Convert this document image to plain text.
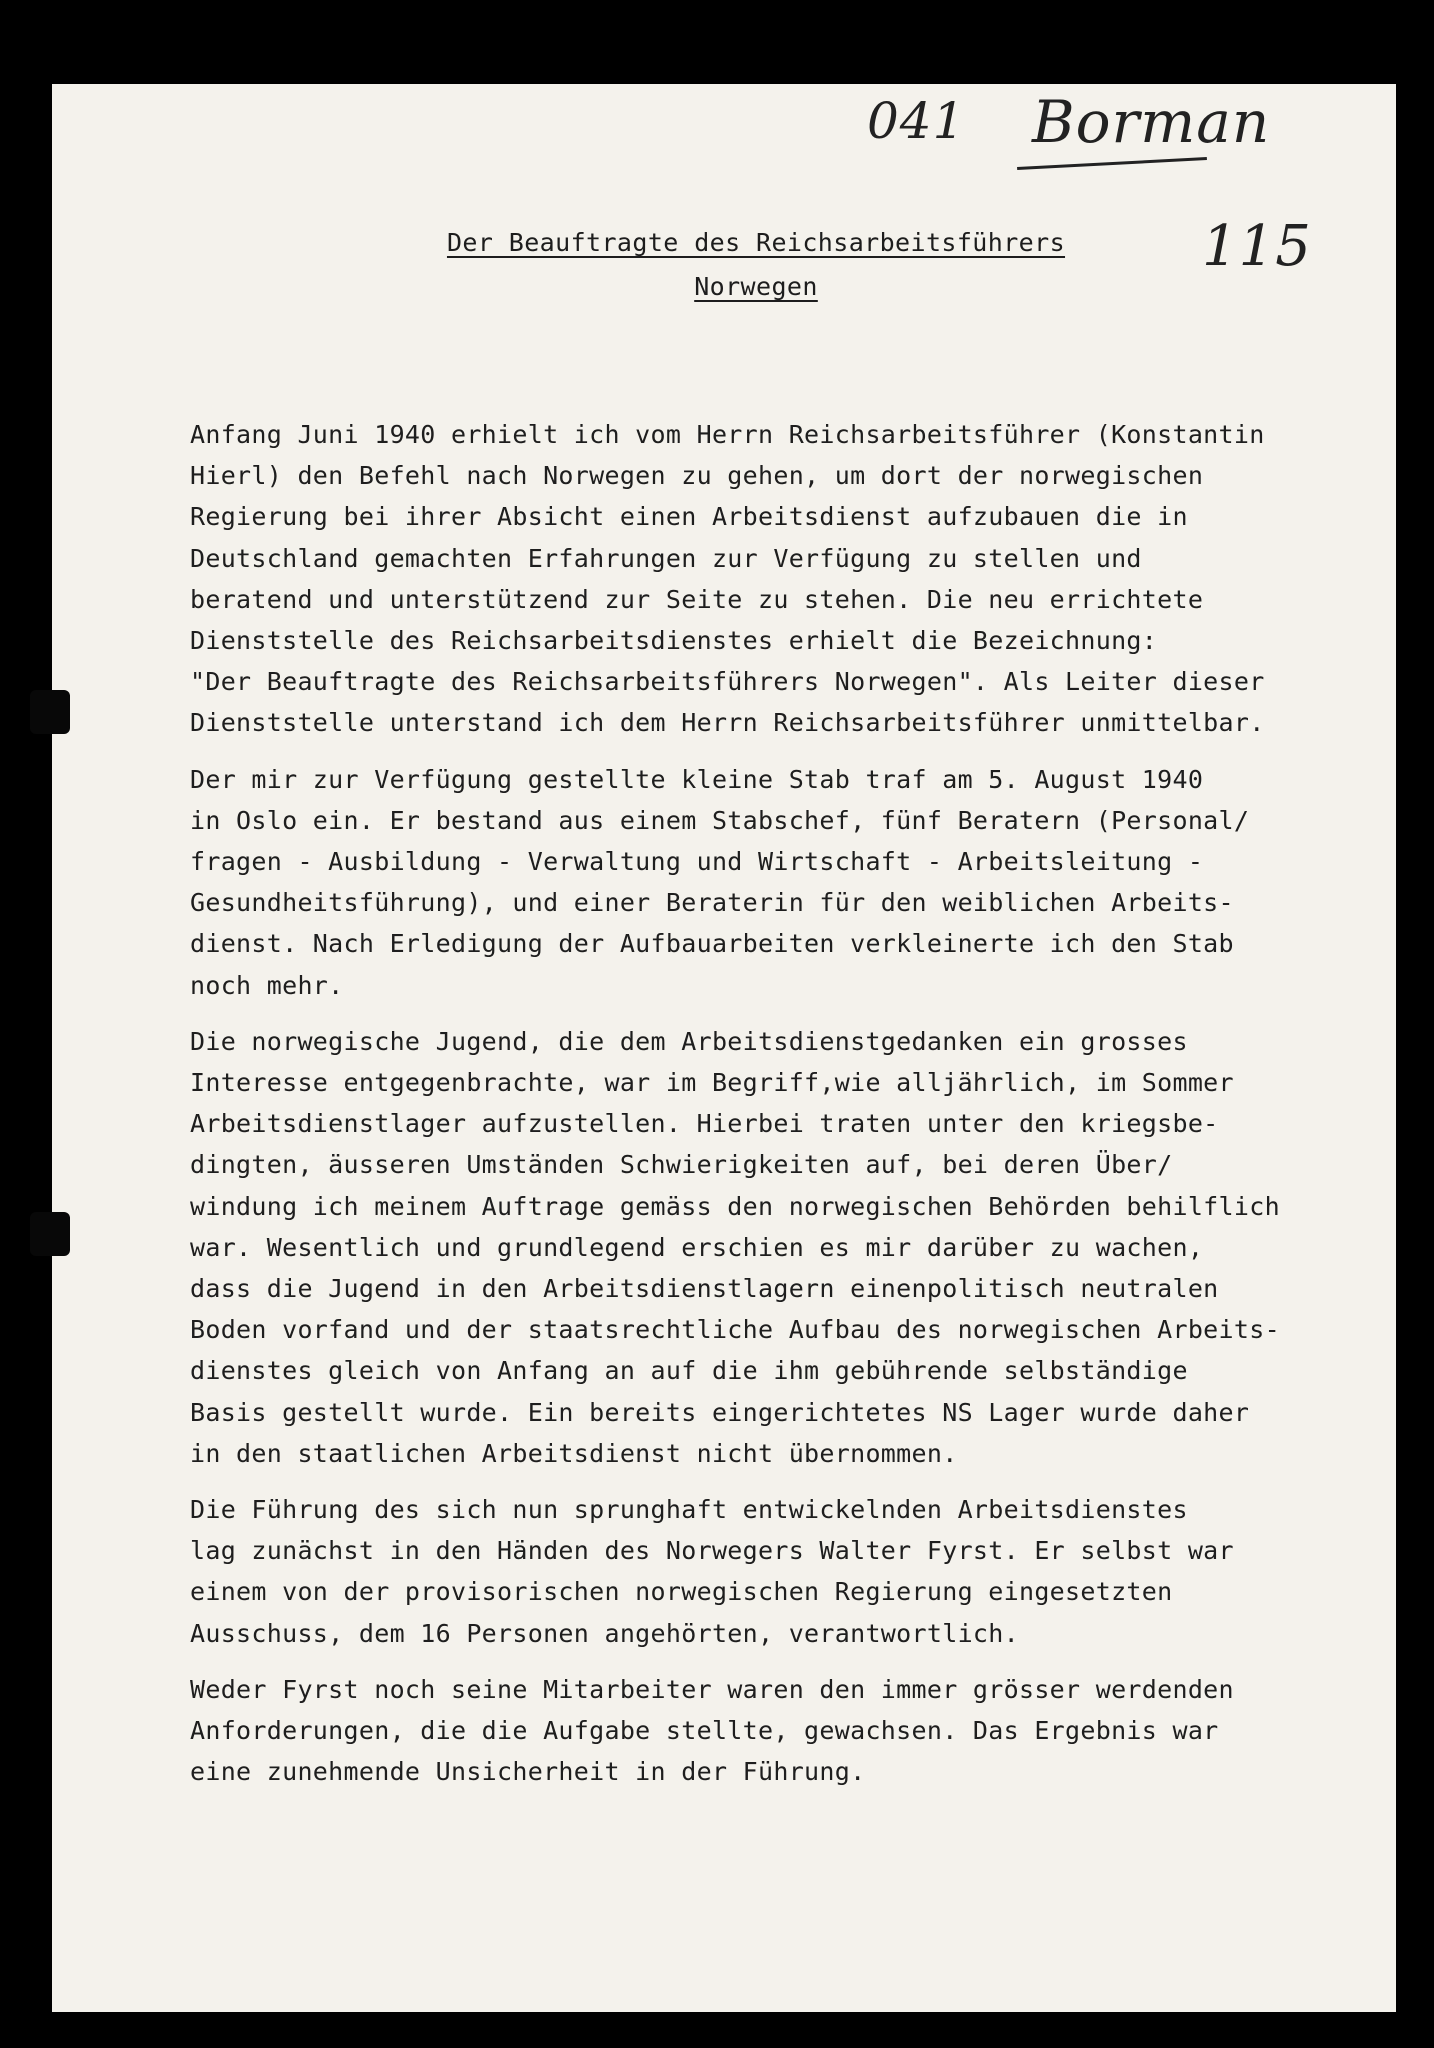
041 Borman
115
Der Beauftragte des Reichsarbeitsführers
Norwegen
Anfang Juni 1940 erhielt ich vom Herrn Reichsarbeitsführer (Konstantin
Hierl) den Befehl nach Norwegen zu gehen, um dort der norwegischen
Regierung bei ihrer Absicht einen Arbeitsdienst aufzubauen die in
Deutschland gemachten Erfahrungen zur Verfügung zu stellen und
beratend und unterstützend zur Seite zu stehen. Die neu errichtete
Dienststelle des Reichsarbeitsdienstes erhielt die Bezeichnung:
"Der Beauftragte des Reichsarbeitsführers Norwegen". Als Leiter dieser
Dienststelle unterstand ich dem Herrn Reichsarbeitsführer unmittelbar.
Der mir zur Verfügung gestellte kleine Stab traf am 5. August 1940
in Oslo ein. Er bestand aus einem Stabschef, fünf Beratern (Personal/
fragen - Ausbildung - Verwaltung und Wirtschaft - Arbeitsleitung -
Gesundheitsführung), und einer Beraterin für den weiblichen Arbeits-
dienst. Nach Erledigung der Aufbauarbeiten verkleinerte ich den Stab
noch mehr.
Die norwegische Jugend, die dem Arbeitsdienstgedanken ein grosses
Interesse entgegenbrachte, war im Begriff,wie alljährlich, im Sommer
Arbeitsdienstlager aufzustellen. Hierbei traten unter den kriegsbe-
dingten, äusseren Umständen Schwierigkeiten auf, bei deren Über/
windung ich meinem Auftrage gemäss den norwegischen Behörden behilflich
war. Wesentlich und grundlegend erschien es mir darüber zu wachen,
dass die Jugend in den Arbeitsdienstlagern einenpolitisch neutralen
Boden vorfand und der staatsrechtliche Aufbau des norwegischen Arbeits-
dienstes gleich von Anfang an auf die ihm gebührende selbständige
Basis gestellt wurde. Ein bereits eingerichtetes NS Lager wurde daher
in den staatlichen Arbeitsdienst nicht übernommen.
Die Führung des sich nun sprunghaft entwickelnden Arbeitsdienstes
lag zunächst in den Händen des Norwegers Walter Fyrst. Er selbst war
einem von der provisorischen norwegischen Regierung eingesetzten
Ausschuss, dem 16 Personen angehörten, verantwortlich.
Weder Fyrst noch seine Mitarbeiter waren den immer grösser werdenden
Anforderungen, die die Aufgabe stellte, gewachsen. Das Ergebnis war
eine zunehmende Unsicherheit in der Führung.
